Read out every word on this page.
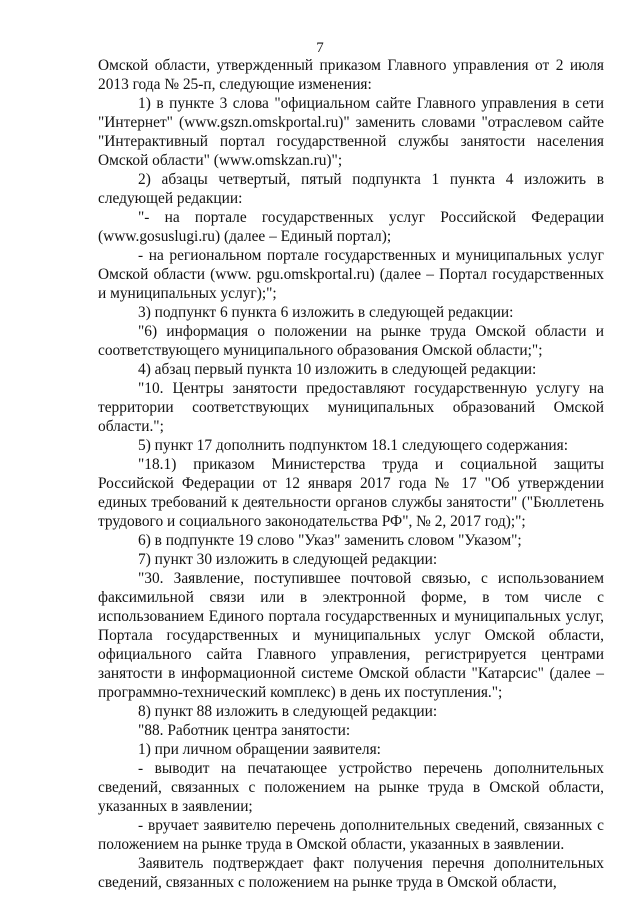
7

Омской области, утвержденный приказом Главного управления от 2 июля 2013 года № 25-п, следующие изменения:

1) в пункте 3 слова "официальном сайте Главного управления в сети "Интернет" (www.gszn.omskportal.ru)" заменить словами "отраслевом сайте "Интерактивный портал государственной службы занятости населения Омской области" (www.omskzan.ru)";

2) абзацы четвертый, пятый подпункта 1 пункта 4 изложить в следующей редакции:

"- на портале государственных услуг Российской Федерации (www.gosuslugi.ru) (далее – Единый портал);

- на региональном портале государственных и муниципальных услуг Омской области (www. pgu.omskportal.ru) (далее – Портал государственных и муниципальных услуг);";

3) подпункт 6 пункта 6 изложить в следующей редакции:

"6) информация о положении на рынке труда Омской области и соответствующего муниципального образования Омской области;";

4) абзац первый пункта 10 изложить в следующей редакции:

"10. Центры занятости предоставляют государственную услугу на территории соответствующих муниципальных образований Омской области.";

5) пункт 17 дополнить подпунктом 18.1 следующего содержания:

"18.1) приказом Министерства труда и социальной защиты Российской Федерации от 12 января 2017 года № 17 "Об утверждении единых требований к деятельности органов службы занятости" ("Бюллетень трудового и социального законодательства РФ", № 2, 2017 год);";

6) в подпункте 19 слово "Указ" заменить словом "Указом";

7) пункт 30 изложить в следующей редакции:

"30. Заявление, поступившее почтовой связью, с использованием факсимильной связи или в электронной форме, в том числе с использованием Единого портала государственных и муниципальных услуг, Портала государственных и муниципальных услуг Омской области, официального сайта Главного управления, регистрируется центрами занятости в информационной системе Омской области "Катарсис" (далее – программно-технический комплекс) в день их поступления.";

8) пункт 88 изложить в следующей редакции:

"88. Работник центра занятости:

1) при личном обращении заявителя:

- выводит на печатающее устройство перечень дополнительных сведений, связанных с положением на рынке труда в Омской области, указанных в заявлении;

- вручает заявителю перечень дополнительных сведений, связанных с положением на рынке труда в Омской области, указанных в заявлении.

Заявитель подтверждает факт получения перечня дополнительных сведений, связанных с положением на рынке труда в Омской области,
